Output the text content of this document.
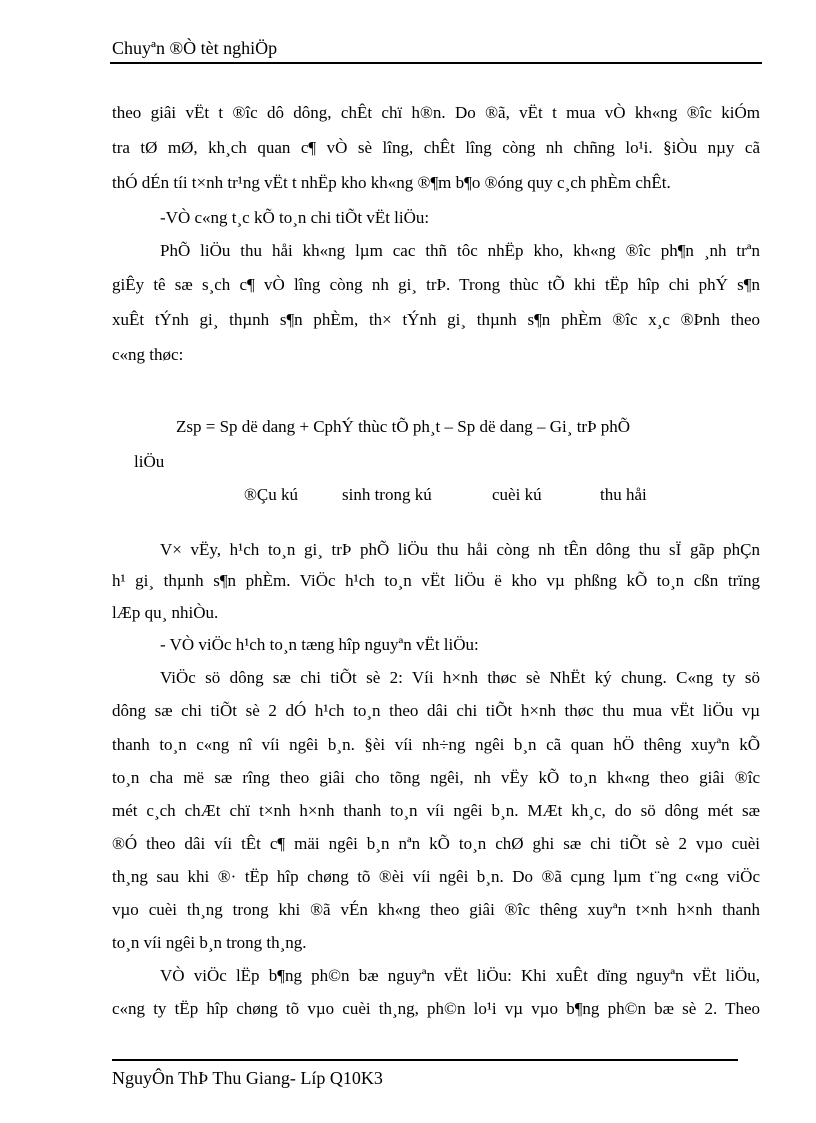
Chuyªn ®Ò tèt nghiÖp
theo giâi vËt t ®îc dô dông, chÊt chï h®n. Do ®ã, vËt t mua vÒ kh«ng ®îc kiÓm
tra tØ mØ, kh¸ch quan c¶ vÒ sè lîng, chÊt lîng còng nh chñng lo¹i. §iÒu nµy cã
thÓ dÉn tíi t×nh tr¹ng vËt t nhËp kho kh«ng ®¶m b¶o ®óng quy c¸ch phÈm chÊt.
-VÒ c«ng t¸c kÕ to¸n chi tiÕt vËt liÖu:
PhÕ liÖu thu håi kh«ng lµm cac thñ tôc nhËp kho, kh«ng ®îc ph¶n ¸nh trªn
giÊy tê sæ s¸ch c¶ vÒ lîng còng nh gi¸ trÞ. Trong thùc tÕ khi tËp hîp chi phÝ s¶n
xuÊt tÝnh gi¸ thµnh s¶n phÈm, th× tÝnh gi¸ thµnh s¶n phÈm ®îc x¸c ®Þnh theo
c«ng thøc:
Zsp = Sp dë dang + CphÝ thùc tÕ ph¸t – Sp dë dang – Gi¸ trÞ phÕ
liÖu
®Çu kú	sinh trong kú	cuèi kú	thu håi
V× vËy, h¹ch to¸n gi¸ trÞ phÕ liÖu thu håi còng nh tÊn dông thu sÏ gãp phÇn
h¹ gi¸ thµnh s¶n phÈm. ViÖc h¹ch to¸n vËt liÖu ë kho vµ phßng kÕ to¸n cßn trïng
lÆp qu¸ nhiÒu.
- VÒ viÖc h¹ch to¸n tæng hîp nguyªn vËt liÖu:
ViÖc sö dông sæ chi tiÕt sè 2: Víi h×nh thøc sè NhËt ký chung. C«ng ty sö
dông sæ chi tiÕt sè 2 dÓ h¹ch to¸n theo dâi chi tiÕt h×nh thøc thu mua vËt liÖu vµ
thanh to¸n c«ng nî víi ngêi b¸n. §èi víi nh÷ng ngêi b¸n cã quan hÖ thêng xuyªn kÕ
to¸n cha më sæ rîng theo giâi cho tõng ngêi, nh vËy kÕ to¸n kh«ng theo giâi ®îc
mét c¸ch chÆt chï t×nh h×nh thanh to¸n víi ngêi b¸n. MÆt kh¸c, do sö dông mét sæ
®Ó theo dâi víi tÊt c¶ mäi ngêi b¸n nªn kÕ to¸n chØ ghi sæ chi tiÕt sè 2 vµo cuèi
th¸ng sau khi ®· tËp hîp chøng tõ ®èi víi ngêi b¸n. Do ®ã cµng lµm t¨ng c«ng viÖc
vµo cuèi th¸ng trong khi ®ã vÉn kh«ng theo giâi ®îc thêng xuyªn t×nh h×nh thanh
to¸n víi ngêi b¸n trong th¸ng.
VÒ viÖc lËp b¶ng ph©n bæ nguyªn vËt liÖu: Khi xuÊt dïng nguyªn vËt liÖu,
c«ng ty tËp hîp chøng tõ vµo cuèi th¸ng, ph©n lo¹i vµ vµo b¶ng ph©n bæ sè 2. Theo
NguyÔn ThÞ Thu Giang- Líp Q10K3
